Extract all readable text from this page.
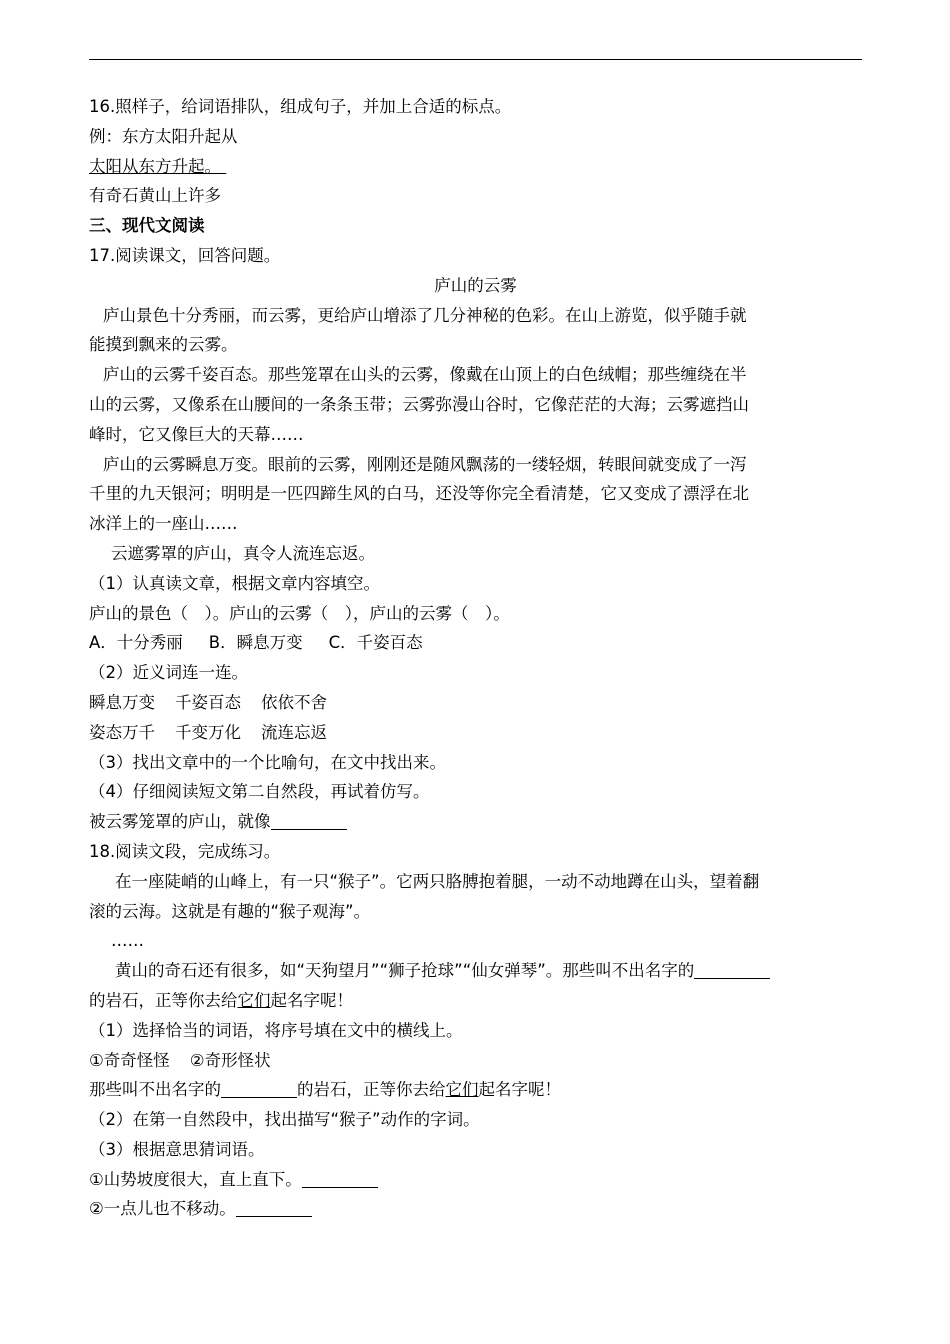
16.照样子，给词语排队，组成句子，并加上合适的标点。
例：东方太阳升起从
太阳从东方升起。
有奇石黄山上许多
三、现代文阅读
17.阅读课文，回答问题。
庐山的云雾
庐山景色十分秀丽，而云雾，更给庐山增添了几分神秘的色彩。在山上游览，似乎随手就
能摸到飘来的云雾。
庐山的云雾千姿百态。那些笼罩在山头的云雾，像戴在山顶上的白色绒帽；那些缠绕在半
山的云雾，又像系在山腰间的一条条玉带；云雾弥漫山谷时，它像茫茫的大海；云雾遮挡山
峰时，它又像巨大的天幕……
庐山的云雾瞬息万变。眼前的云雾，刚刚还是随风飘荡的一缕轻烟，转眼间就变成了一泻
千里的九天银河；明明是一匹四蹄生风的白马，还没等你完全看清楚，它又变成了漂浮在北
冰洋上的一座山……
云遮雾罩的庐山，真令人流连忘返。
（1）认真读文章，根据文章内容填空。
庐山的景色（　）。庐山的云雾（　），庐山的云雾（　）。
A．十分秀丽 B．瞬息万变 C．千姿百态
（2）近义词连一连。
瞬息万变 千姿百态 依依不舍
姿态万千 千变万化 流连忘返
（3）找出文章中的一个比喻句，在文中找出来。
（4）仔细阅读短文第二自然段，再试着仿写。
被云雾笼罩的庐山，就像
18.阅读文段，完成练习。
在一座陡峭的山峰上，有一只“猴子”。它两只胳膊抱着腿，一动不动地蹲在山头，望着翻
滚的云海。这就是有趣的“猴子观海”。
……
黄山的奇石还有很多，如“天狗望月”“狮子抢球”“仙女弹琴”。那些叫不出名字的
的岩石，正等你去给它们起名字呢！
（1）选择恰当的词语，将序号填在文中的横线上。
①奇奇怪怪 ②奇形怪状
那些叫不出名字的	的岩石，正等你去给它们起名字呢！
（2）在第一自然段中，找出描写“猴子”动作的字词。
（3）根据意思猜词语。
①山势坡度很大，直上直下。
②一点儿也不移动。
